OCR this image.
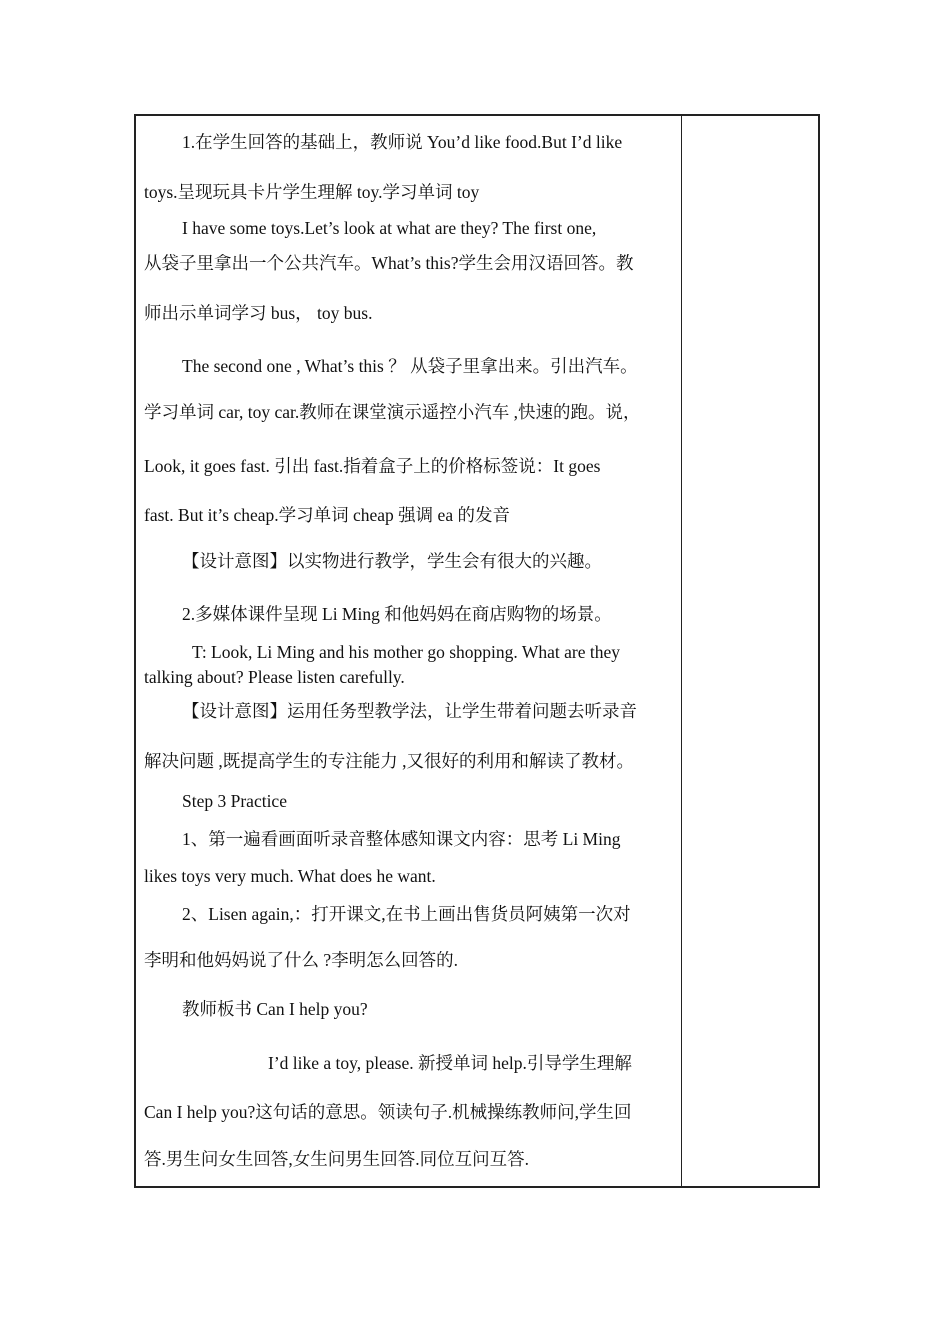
1.在学生回答的基础上，教师说 You’d like food.But I’d like
toys.呈现玩具卡片学生理解 toy.学习单词 toy
I have some toys.Let’s look at what are they? The first one,
从袋子里拿出一个公共汽车。What’s this?学生会用汉语回答。教
师出示单词学习 bus， toy bus.
The second one , What’s this ？ 从袋子里拿出来。引出汽车。
学习单词 car, toy car.教师在课堂演示遥控小汽车 ,快速的跑。说，
Look, it goes fast. 引出 fast.指着盒子上的价格标签说：It goes
fast. But it’s cheap.学习单词 cheap 强调 ea 的发音
【设计意图】以实物进行教学，学生会有很大的兴趣。
2.多媒体课件呈现 Li Ming 和他妈妈在商店购物的场景。
T: Look, Li Ming and his mother go shopping. What are they
talking about? Please listen carefully.
【设计意图】运用任务型教学法，让学生带着问题去听录音
解决问题 ,既提高学生的专注能力 ,又很好的利用和解读了教材。
Step 3 Practice
1、第一遍看画面听录音整体感知课文内容：思考 Li Ming
likes toys very much. What does he want.
2、Lisen again,：打开课文,在书上画出售货员阿姨第一次对
李明和他妈妈说了什么 ?李明怎么回答的.
教师板书 Can I help you?
I’d like a toy, please. 新授单词 help.引导学生理解
Can I help you?这句话的意思。领读句子.机械操练教师问,学生回
答.男生问女生回答,女生问男生回答.同位互问互答.
